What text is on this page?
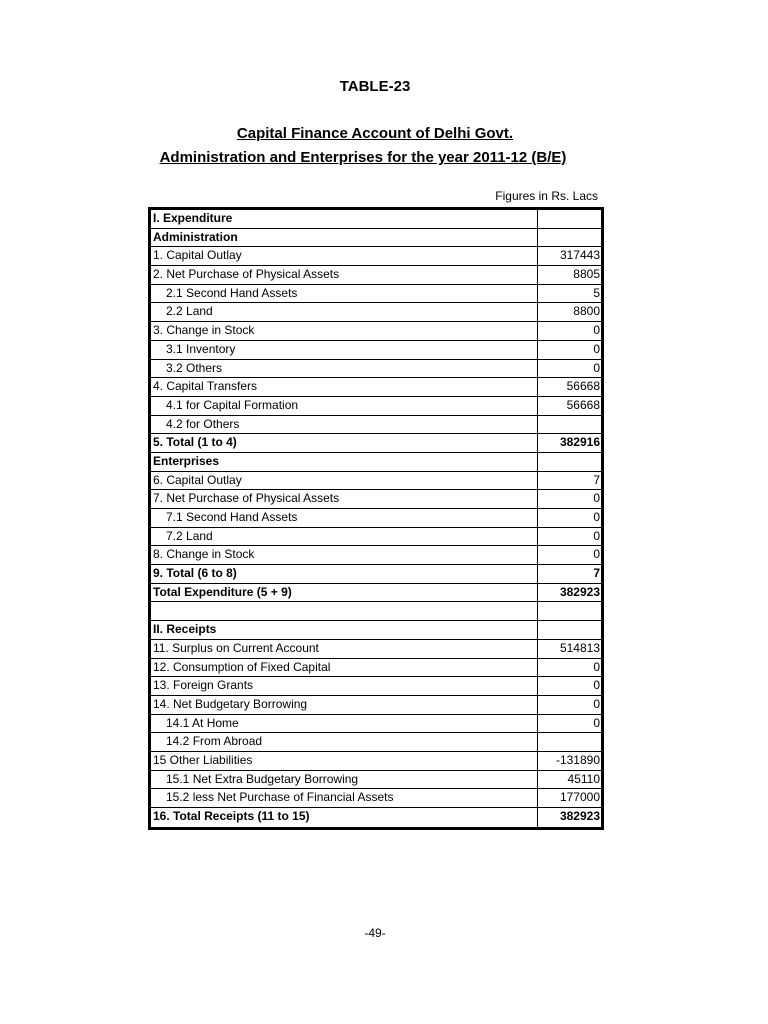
TABLE-23
Capital Finance Account of Delhi Govt.
Administration and Enterprises for the year 2011-12 (B/E)
Figures in Rs. Lacs
I. Expenditure
Administration
1. Capital Outlay	317443
2. Net Purchase of Physical Assets	8805
2.1 Second Hand Assets	5
2.2 Land	8800
3. Change in Stock	0
3.1 Inventory	0
3.2 Others	0
4. Capital Transfers	56668
4.1 for Capital Formation	56668
4.2 for Others
5. Total (1 to 4)	382916
Enterprises
6. Capital Outlay	7
7. Net Purchase of Physical Assets	0
7.1 Second Hand Assets	0
7.2 Land	0
8. Change in Stock	0
9. Total (6 to 8)	7
Total Expenditure (5 + 9)	382923
II. Receipts
11. Surplus on Current Account	514813
12. Consumption of Fixed Capital	0
13. Foreign Grants	0
14. Net Budgetary Borrowing	0
14.1 At Home	0
14.2 From Abroad
15 Other Liabilities	-131890
15.1 Net Extra Budgetary Borrowing	45110
15.2 less Net Purchase of Financial Assets	177000
16. Total Receipts (11 to 15)	382923
-49-
